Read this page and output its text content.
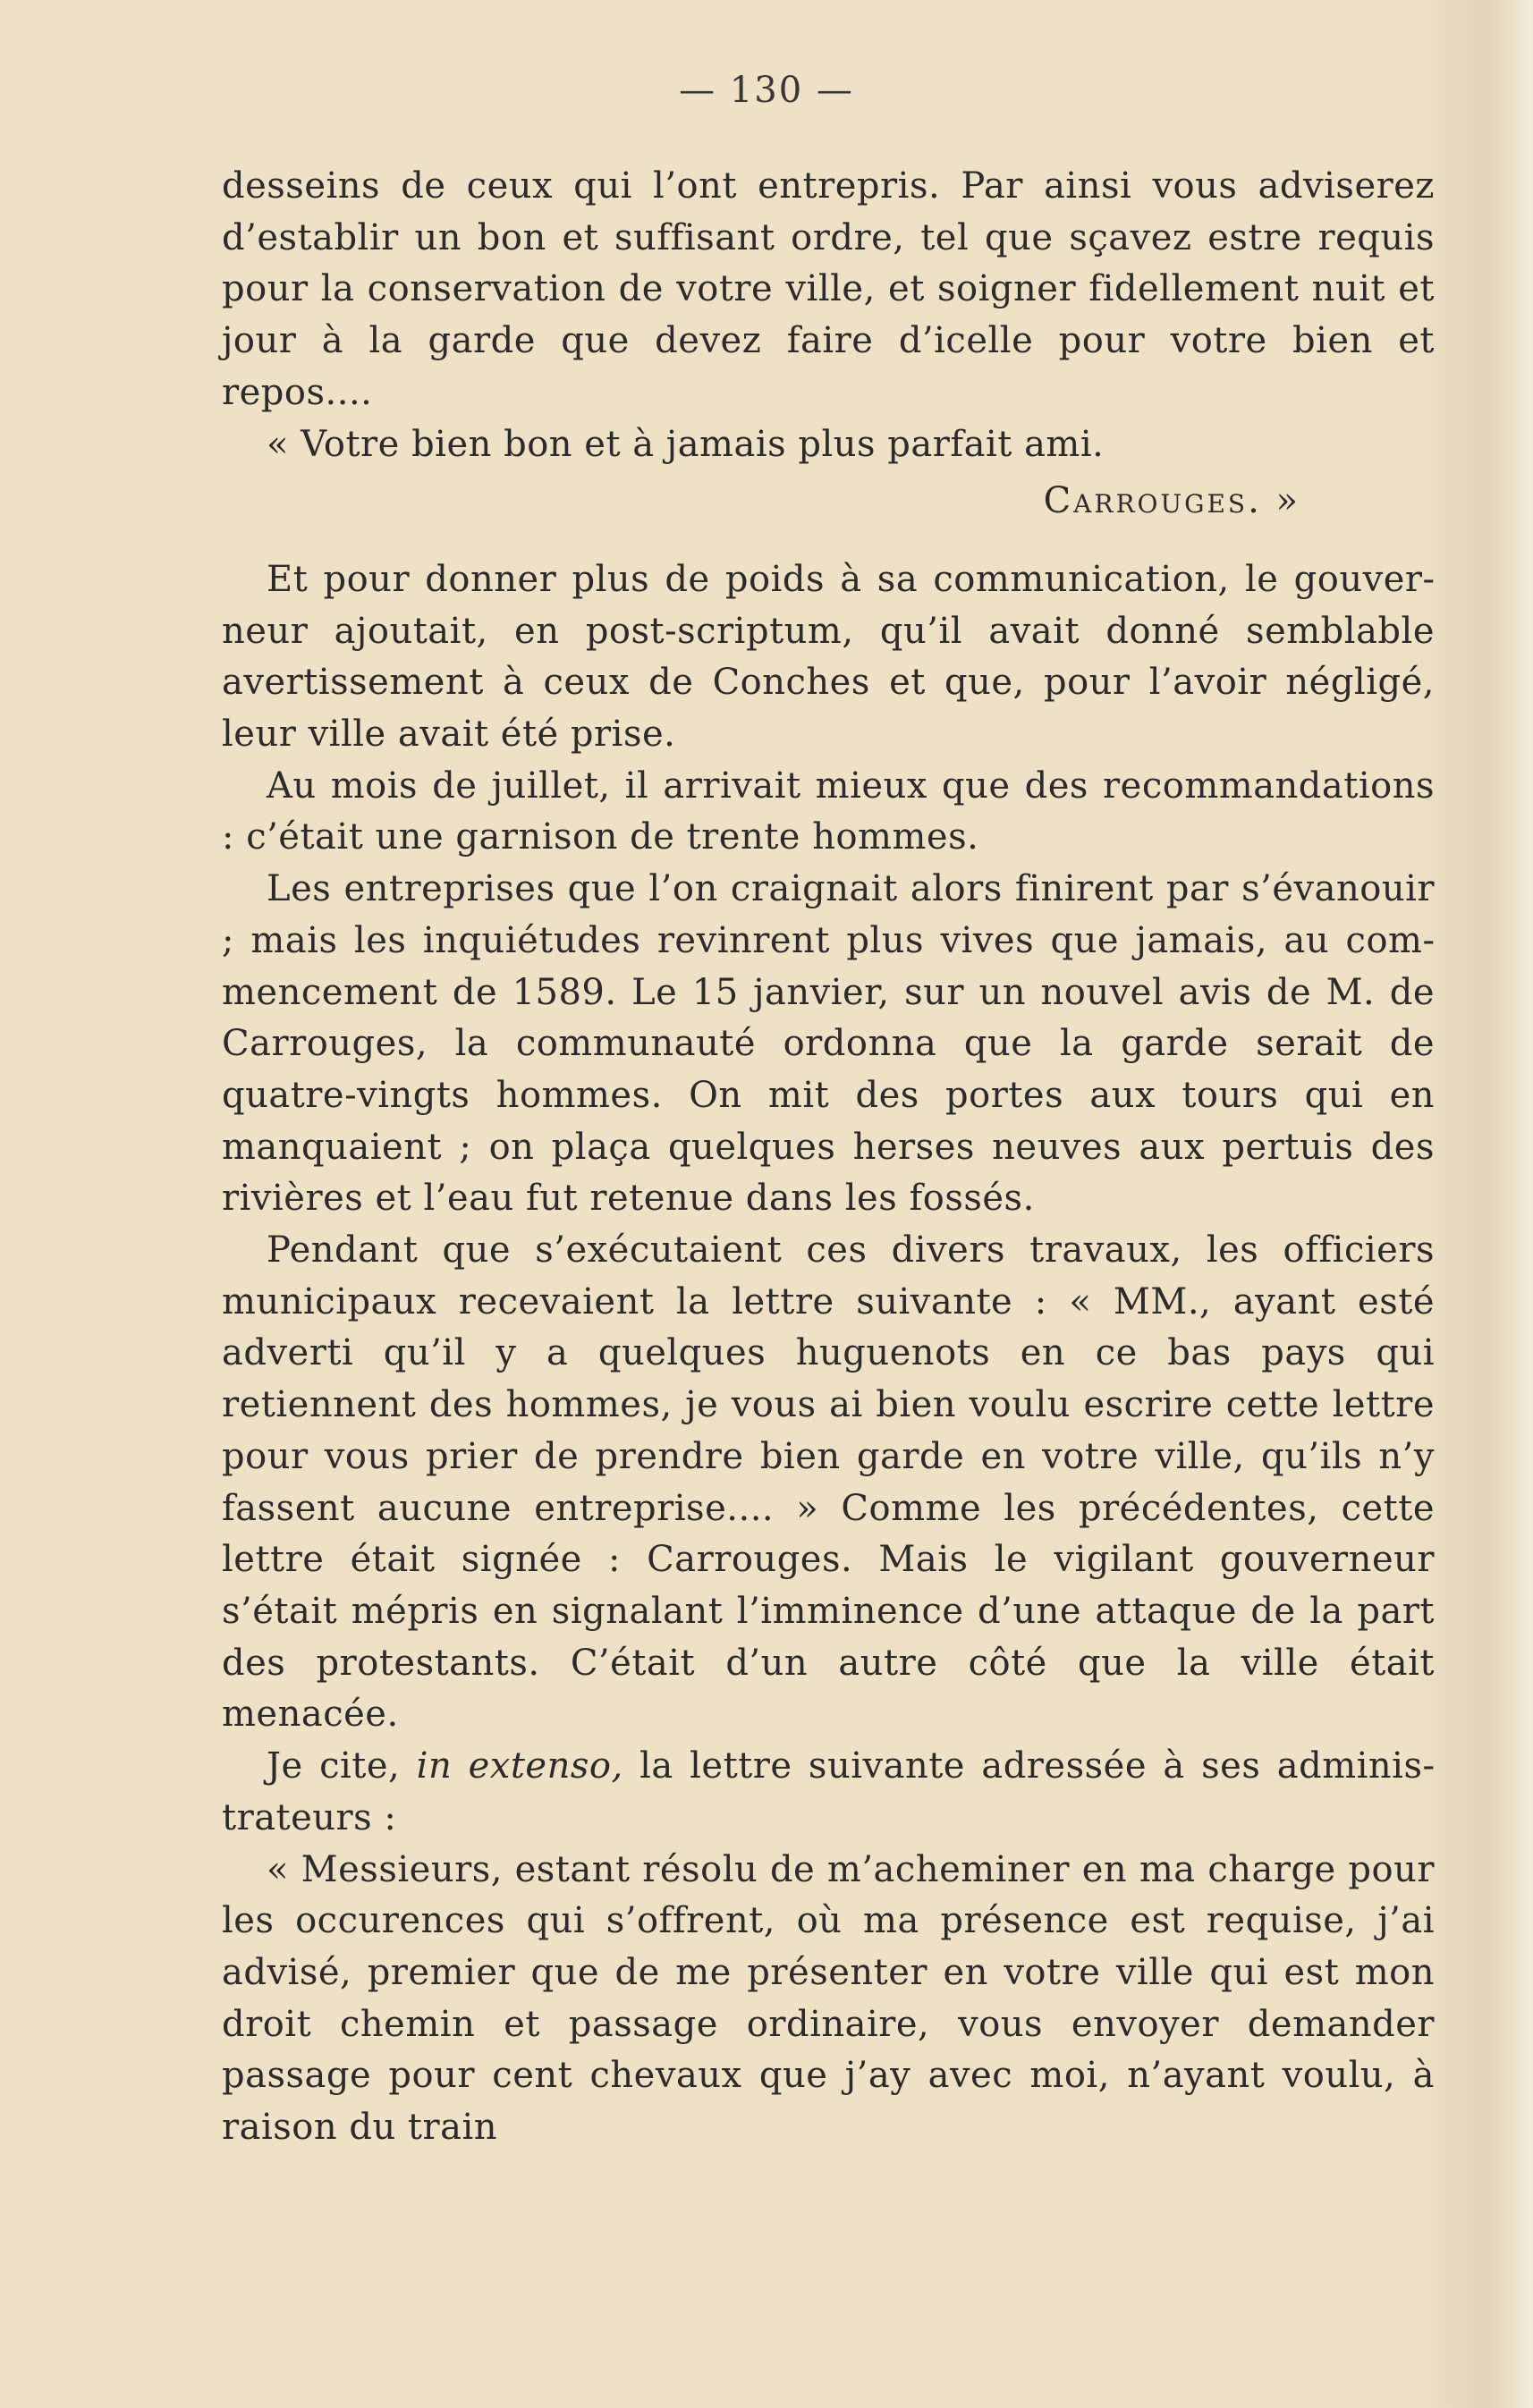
— 130 —

desseins de ceux qui l’ont entrepris. Par ainsi vous adviserez d’establir un bon et suffisant ordre, tel que sçavez estre requis pour la conservation de votre ville, et soigner fidellement nuit et jour à la garde que devez faire d’icelle pour votre bien et repos....

« Votre bien bon et à jamais plus parfait ami.

Carrouges. »

Et pour donner plus de poids à sa communication, le gouverneur ajoutait, en post-scriptum, qu’il avait donné semblable avertissement à ceux de Conches et que, pour l’avoir négligé, leur ville avait été prise.

Au mois de juillet, il arrivait mieux que des recommandations : c’était une garnison de trente hommes.

Les entreprises que l’on craignait alors finirent par s’évanouir ; mais les inquiétudes revinrent plus vives que jamais, au commencement de 1589. Le 15 janvier, sur un nouvel avis de M. de Carrouges, la communauté ordonna que la garde serait de quatre-vingts hommes. On mit des portes aux tours qui en manquaient ; on plaça quelques herses neuves aux pertuis des rivières et l’eau fut retenue dans les fossés.

Pendant que s’exécutaient ces divers travaux, les officiers municipaux recevaient la lettre suivante : « MM., ayant esté adverti qu’il y a quelques huguenots en ce bas pays qui retiennent des hommes, je vous ai bien voulu escrire cette lettre pour vous prier de prendre bien garde en votre ville, qu’ils n’y fassent aucune entreprise.... » Comme les précédentes, cette lettre était signée : Carrouges. Mais le vigilant gouverneur s’était mépris en signalant l’imminence d’une attaque de la part des protestants. C’était d’un autre côté que la ville était menacée.

Je cite, in extenso, la lettre suivante adressée à ses administrateurs :

« Messieurs, estant résolu de m’acheminer en ma charge pour les occurences qui s’offrent, où ma présence est requise, j’ai advisé, premier que de me présenter en votre ville qui est mon droit chemin et passage ordinaire, vous envoyer demander passage pour cent chevaux que j’ay avec moi, n’ayant voulu, à raison du train
